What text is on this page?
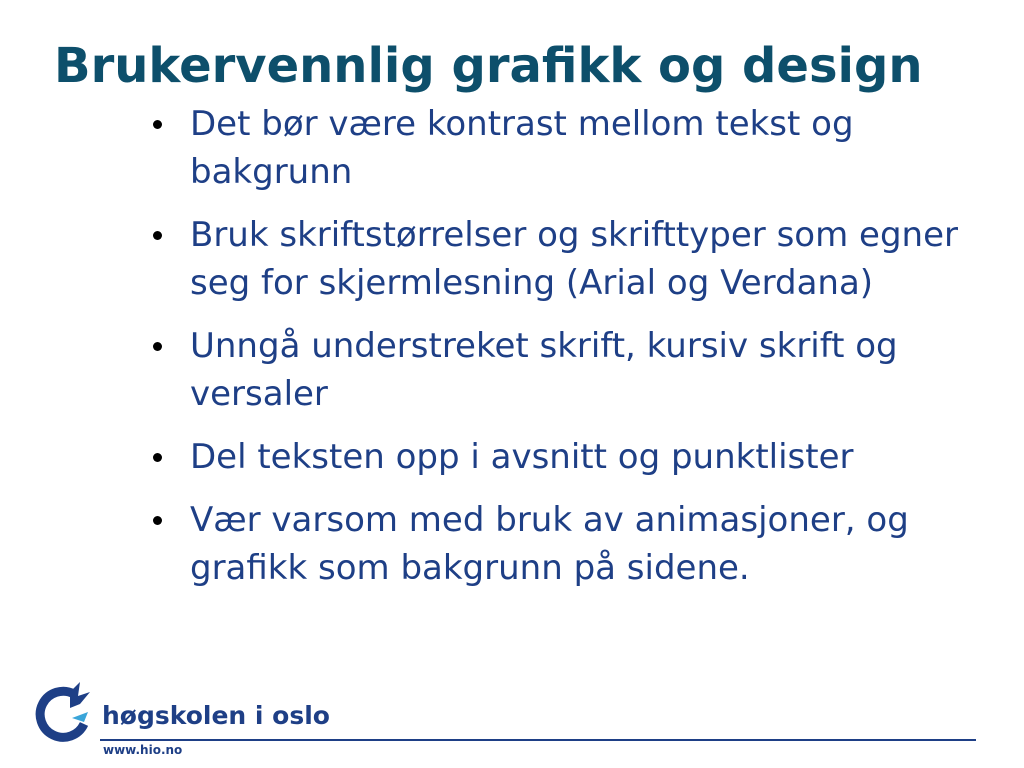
Brukervennlig grafikk og design
Det bør være kontrast mellom tekst og bakgrunn
Bruk skriftstørrelser og skrifttyper som egner seg for skjermlesning (Arial og Verdana)
Unngå understreket skrift, kursiv skrift og versaler
Del teksten opp i avsnitt og punktlister
Vær varsom med bruk av animasjoner, og grafikk som bakgrunn på sidene.
høgskolen i oslo
www.hio.no
